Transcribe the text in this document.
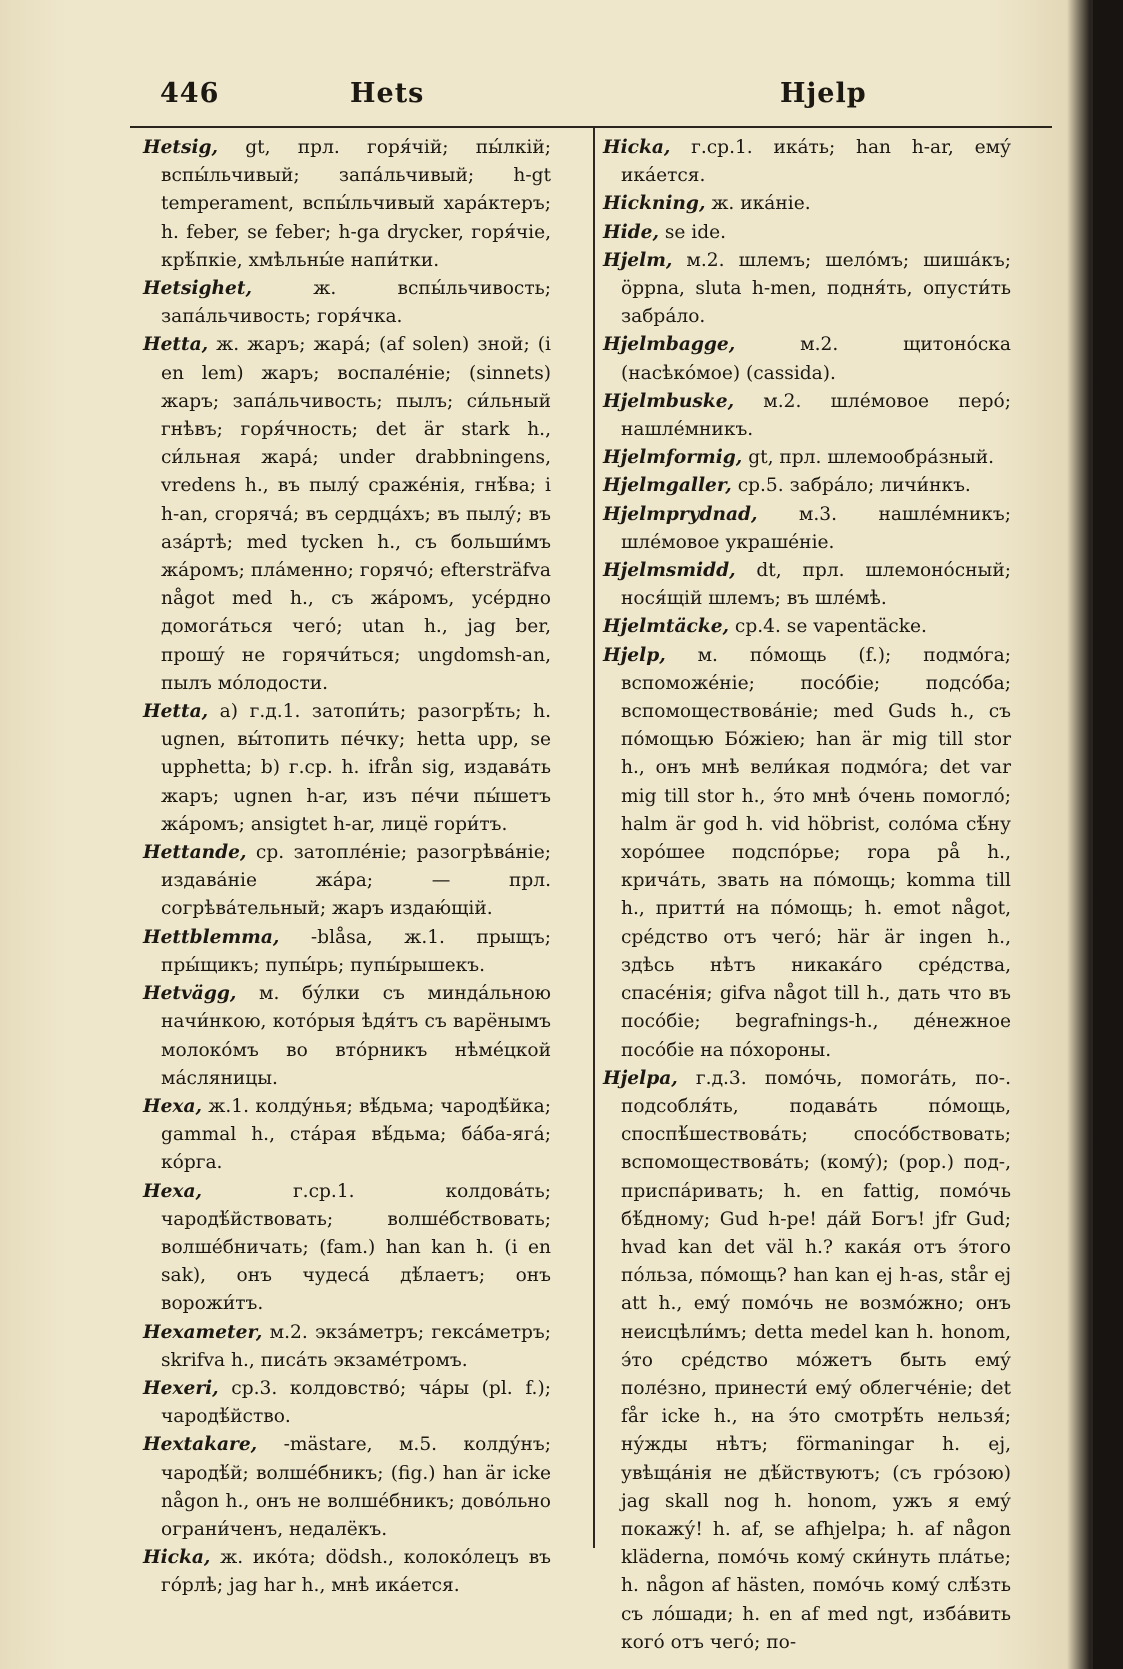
446	Hets	Hjelp

Hetsig, gt, прл. горя́чій; пы́лкій; вспы́льчивый; запа́льчивый; h-gt temperament, вспы́льчивый хара́ктеръ; h. feber, se feber; h-ga drycker, горя́чіе, крѣ́пкіе, хмѣльны́е напи́тки.

Hetsighet, ж. вспы́льчивость; запа́льчивость; горя́чка.

Hetta, ж. жаръ; жара́; (af solen) зной; (i en lem) жаръ; воспале́ніе; (sinnets) жаръ; запа́льчивость; пылъ; си́льный гнѣвъ; горя́чность; det är stark h., си́льная жара́; under drabbningens, vredens h., въ пылу́ сраже́нія, гнѣ́ва; i h-an, сгоряча́; въ сердца́хъ; въ пылу́; въ аза́ртѣ; med tycken h., съ больши́мъ жа́ромъ; пла́менно; горячо́; eftersträfva något med h., съ жа́ромъ, усе́рдно домога́ться чего́; utan h., jag ber, прошу́ не горячи́ться; ungdomsh-an, пылъ мо́лодости.

Hetta, a) г.д.1. затопи́ть; разогрѣ́ть; h. ugnen, вы́топить пе́чку; hetta upp, se upphetta; b) г.ср. h. ifrån sig, издава́ть жаръ; ugnen h-ar, изъ пе́чи пы́шетъ жа́ромъ; ansigtet h-ar, лицё гори́тъ.

Hettande, ср. затопле́ніе; разогрѣва́ніе; издава́ніе жа́ра; — прл. согрѣва́тельный; жаръ издаю́щій.

Hettblemma, -blåsa, ж.1. прыщъ; пры́щикъ; пупы́рь; пупы́рышекъ.

Hetvägg, м. бу́лки съ минда́льною начи́нкою, кото́рыя ѣдя́тъ съ варёнымъ молоко́мъ во вто́рникъ нѣме́цкой ма́сляницы.

Hexa, ж.1. колду́нья; вѣ́дьма; чародѣ́йка; gammal h., ста́рая вѣ́дьма; ба́ба-яга́; ко́рга.

Hexa, г.ср.1. колдова́ть; чародѣ́йствовать; волше́бствовать; волше́бничать; (fam.) han kan h. (i en sak), онъ чудеса́ дѣ́лаетъ; онъ ворожи́тъ.

Hexameter, м.2. экза́метръ; гекса́метръ; skrifva h., писа́ть экзаме́тромъ.

Hexeri, ср.3. колдовство́; ча́ры (pl. f.); чародѣ́йство.

Hextakare, -mästare, м.5. колду́нъ; чародѣ́й; волше́бникъ; (fig.) han är icke någon h., онъ не волше́бникъ; дово́льно ограни́ченъ, недалёкъ.

Hicka, ж. ико́та; dödsh., колоко́лецъ въ го́рлѣ; jag har h., мнѣ ика́ется.

Hicka, г.ср.1. ика́ть; han h-ar, ему́ ика́ется.

Hickning, ж. ика́ніе.

Hide, se ide.

Hjelm, м.2. шлемъ; шело́мъ; шиша́къ; öppna, sluta h-men, подня́ть, опусти́ть забра́ло.

Hjelmbagge, м.2. щитоно́ска (насѣко́мое) (cassida).

Hjelmbuske, м.2. шле́мовое перо́; нашле́мникъ.

Hjelmformig, gt, прл. шлемообра́зный.

Hjelmgaller, ср.5. забра́ло; личи́нкъ.

Hjelmprydnad, м.3. нашле́мникъ; шле́мовое украше́ніе.

Hjelmsmidd, dt, прл. шлемоно́сный; нося́щій шлемъ; въ шле́мѣ.

Hjelmtäcke, ср.4. se vapentäcke.

Hjelp, м. по́мощь (f.); подмо́га; вспоможе́ніе; посо́біе; подсо́ба; вспомоществова́ніе; med Guds h., съ по́мощью Бо́жіею; han är mig till stor h., онъ мнѣ вели́кая подмо́га; det var mig till stor h., э́то мнѣ о́чень помогло́; halm är god h. vid höbrist, соло́ма сѣ́ну хоро́шее подспо́рье; ropa på h., крича́ть, звать на по́мощь; komma till h., притти́ на по́мощь; h. emot något, сре́дство отъ чего́; här är ingen h., здѣсь нѣтъ никака́го сре́дства, спасе́нія; gifva något till h., дать что въ посо́біе; begrafnings-h., де́нежное посо́біе на по́хороны.

Hjelpa, г.д.3. помо́чь, помога́ть, по-. подсобля́ть, подава́ть по́мощь, споспѣ́шествова́ть; спосо́бствовать; вспомоществова́ть; (кому́); (рор.) под-, приспа́ривать; h. en fattig, помо́чь бѣ́дному; Gud h-pe! да́й Богъ! jfr Gud; hvad kan det väl h.? кака́я отъ э́того по́льза, по́мощь? han kan ej h-as, står ej att h., ему́ помо́чь не возмо́жно; онъ неисцѣли́мъ; detta medel kan h. honom, э́то сре́дство мо́жетъ быть ему́ поле́зно, принести́ ему́ облегче́ніе; det får icke h., на э́то смотрѣ́ть нельзя́; ну́жды нѣтъ; förmaningar h. ej, увѣща́нія не дѣ́йствуютъ; (съ гро́зою) jag skall nog h. honom, ужъ я ему́ покажу́! h. af, se afhjelpa; h. af någon kläderna, помо́чь кому́ ски́нуть пла́тье; h. någon af hästen, помо́чь кому́ слѣ́зть съ ло́шади; h. en af med ngt, изба́вить кого́ отъ чего́; по-
